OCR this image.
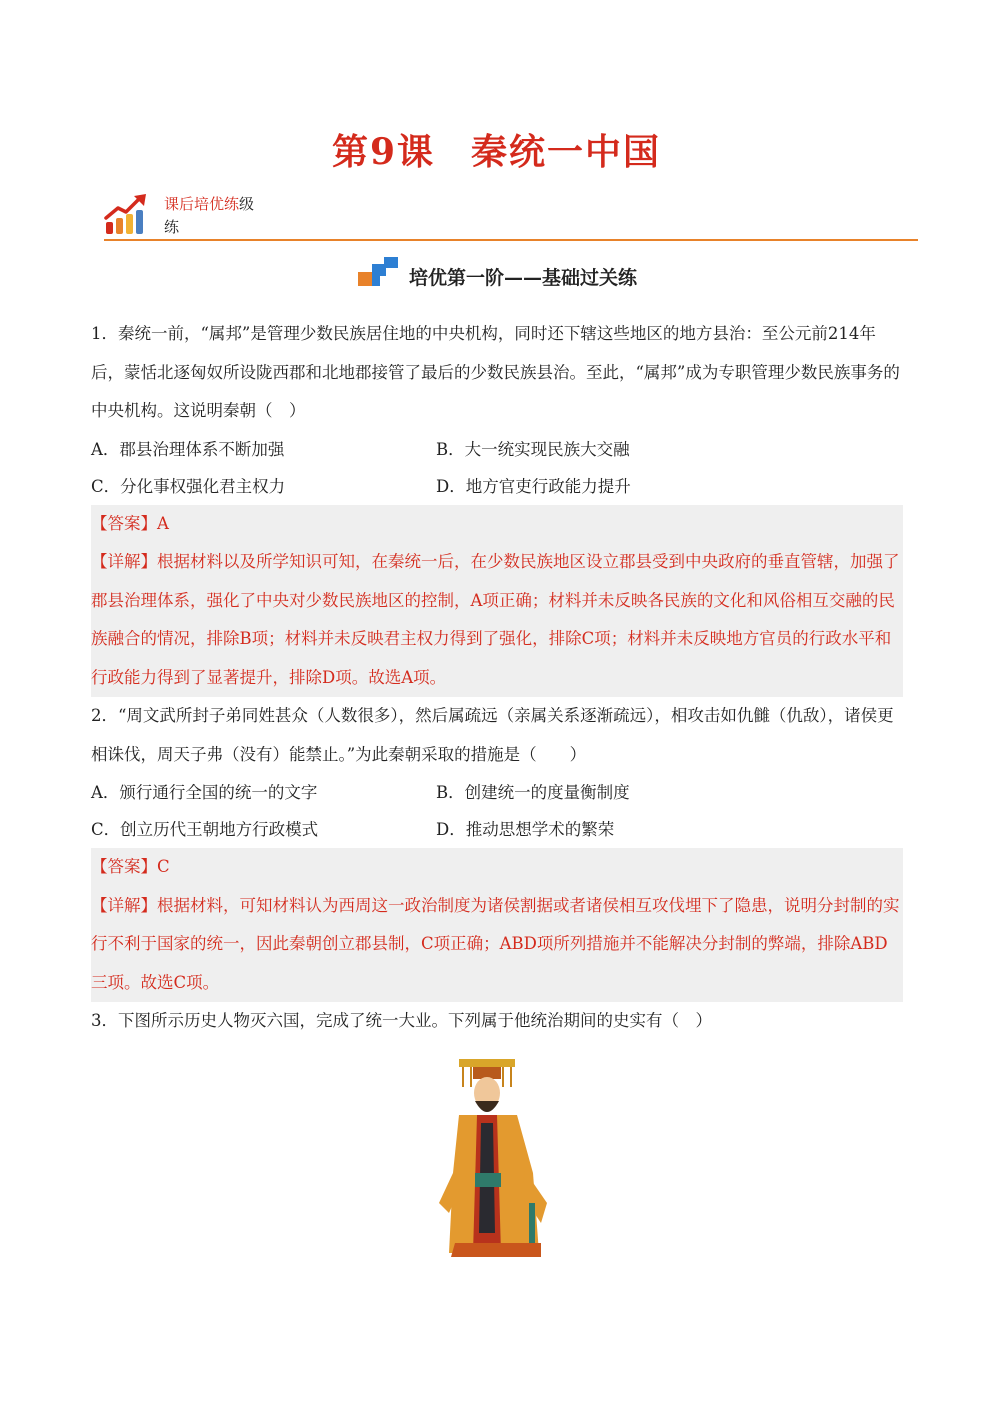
第9课 秦统一中国
课后培优练级
练
培优第一阶——基础过关练

1．秦统一前，“属邦”是管理少数民族居住地的中央机构，同时还下辖这些地区的地方县治：至公元前214年后，蒙恬北逐匈奴所设陇西郡和北地郡接管了最后的少数民族县治。至此，“属邦”成为专职管理少数民族事务的中央机构。这说明秦朝（　）

A．郡县治理体系不断加强	B．大一统实现民族大交融

C．分化事权强化君主权力	D．地方官吏行政能力提升

【答案】A

【详解】根据材料以及所学知识可知，在秦统一后，在少数民族地区设立郡县受到中央政府的垂直管辖，加强了郡县治理体系，强化了中央对少数民族地区的控制，A项正确；材料并未反映各民族的文化和风俗相互交融的民族融合的情况，排除B项；材料并未反映君主权力得到了强化，排除C项；材料并未反映地方官员的行政水平和行政能力得到了显著提升，排除D项。故选A项。

2．“周文武所封子弟同姓甚众（人数很多），然后属疏远（亲属关系逐渐疏远），相攻击如仇雠（仇敌），诸侯更相诛伐，周天子弗（没有）能禁止。”为此秦朝采取的措施是（　　）

A．颁行通行全国的统一的文字	B．创建统一的度量衡制度

C．创立历代王朝地方行政模式	D．推动思想学术的繁荣

【答案】C

【详解】根据材料，可知材料认为西周这一政治制度为诸侯割据或者诸侯相互攻伐埋下了隐患，说明分封制的实行不利于国家的统一，因此秦朝创立郡县制，C项正确；ABD项所列措施并不能解决分封制的弊端，排除ABD三项。故选C项。

3．下图所示历史人物灭六国，完成了统一大业。下列属于他统治期间的史实有（　）
